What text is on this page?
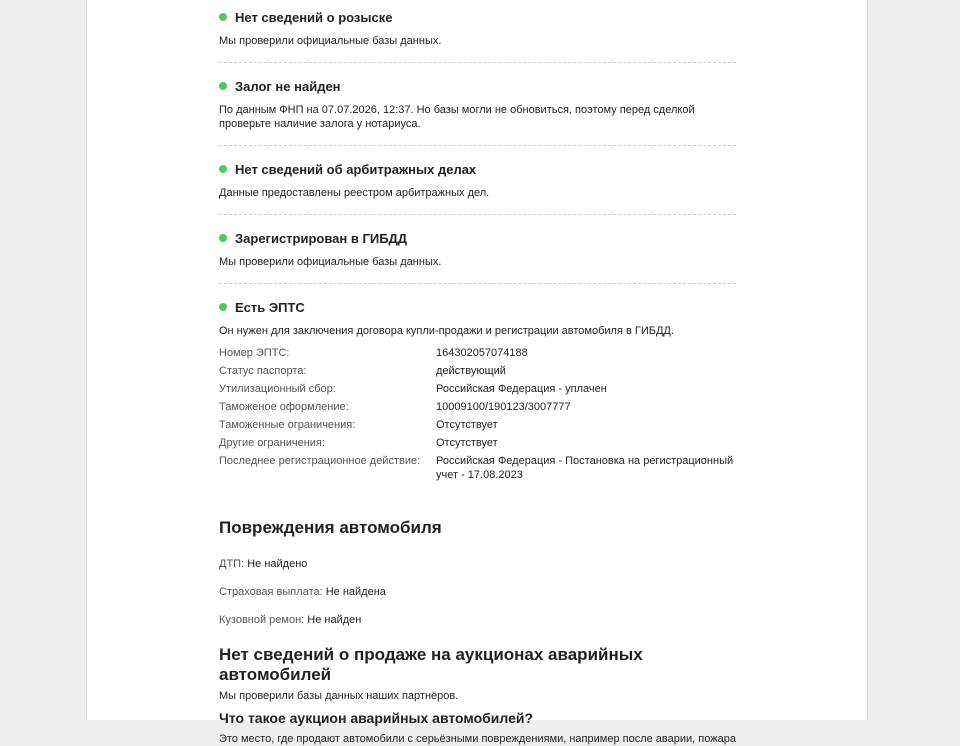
Нет сведений о розыске
Мы проверили официальные базы данных.
Залог не найден
По данным ФНП на 07.07.2026, 12:37. Но базы могли не обновиться, поэтому перед сделкой проверьте наличие залога у нотариуса.
Нет сведений об арбитражных делах
Данные предоставлены реестром арбитражных дел.
Зарегистрирован в ГИБДД
Мы проверили официальные базы данных.
Есть ЭПТС
Он нужен для заключения договора купли-продажи и регистрации автомобиля в ГИБДД.
Номер ЭПТС:	164302057074188
Статус паспорта:	действующий
Утилизационный сбор:	Российская Федерация - уплачен
Таможеное оформление:	10009100/190123/3007777
Таможенные ограничения:	Отсутствует
Другие ограничения:	Отсутствует
Последнее регистрационное действие:	Российская Федерация - Постановка на регистрационный учет - 17.08.2023
Повреждения автомобиля
ДТП: Не найдено
Страховая выплата: Не найдена
Кузовной ремон: Не найден
Нет сведений о продаже на аукционах аварийных автомобилей
Мы проверили базы данных наших партнёров.
Что такое аукцион аварийных автомобилей?
Это место, где продают автомобили с серьёзными повреждениями, например после аварии, пожара
